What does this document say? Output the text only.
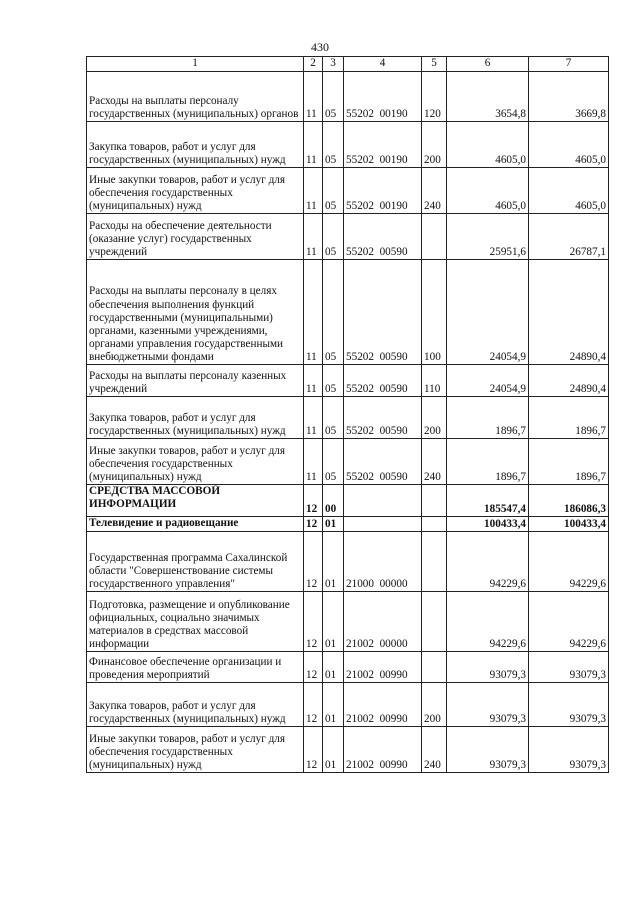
430
1	2	3	4	5	6	7
Расходы на выплаты персоналу государственных (муниципальных) органов	11	05	55202  00190	120	3654,8	3669,8
Закупка товаров, работ и услуг для государственных (муниципальных) нужд	11	05	55202  00190	200	4605,0	4605,0
Иные закупки товаров, работ и услуг для обеспечения государственных (муниципальных) нужд	11	05	55202  00190	240	4605,0	4605,0
Расходы на обеспечение деятельности (оказание услуг) государственных учреждений	11	05	55202  00590		25951,6	26787,1
Расходы на выплаты персоналу в целях обеспечения выполнения функций государственными (муниципальными) органами, казенными учреждениями, органами управления государственными внебюджетными фондами	11	05	55202  00590	100	24054,9	24890,4
Расходы на выплаты персоналу казенных учреждений	11	05	55202  00590	110	24054,9	24890,4
Закупка товаров, работ и услуг для государственных (муниципальных) нужд	11	05	55202  00590	200	1896,7	1896,7
Иные закупки товаров, работ и услуг для обеспечения государственных (муниципальных) нужд	11	05	55202  00590	240	1896,7	1896,7
СРЕДСТВА МАССОВОЙ ИНФОРМАЦИИ	12	00			185547,4	186086,3
Телевидение и радиовещание	12	01			100433,4	100433,4
Государственная программа Сахалинской области "Совершенствование системы государственного управления"	12	01	21000  00000		94229,6	94229,6
Подготовка, размещение и опубликование официальных, социально значимых материалов в средствах массовой информации	12	01	21002  00000		94229,6	94229,6
Финансовое обеспечение организации и проведения мероприятий	12	01	21002  00990		93079,3	93079,3
Закупка товаров, работ и услуг для государственных (муниципальных) нужд	12	01	21002  00990	200	93079,3	93079,3
Иные закупки товаров, работ и услуг для обеспечения государственных (муниципальных) нужд	12	01	21002  00990	240	93079,3	93079,3
